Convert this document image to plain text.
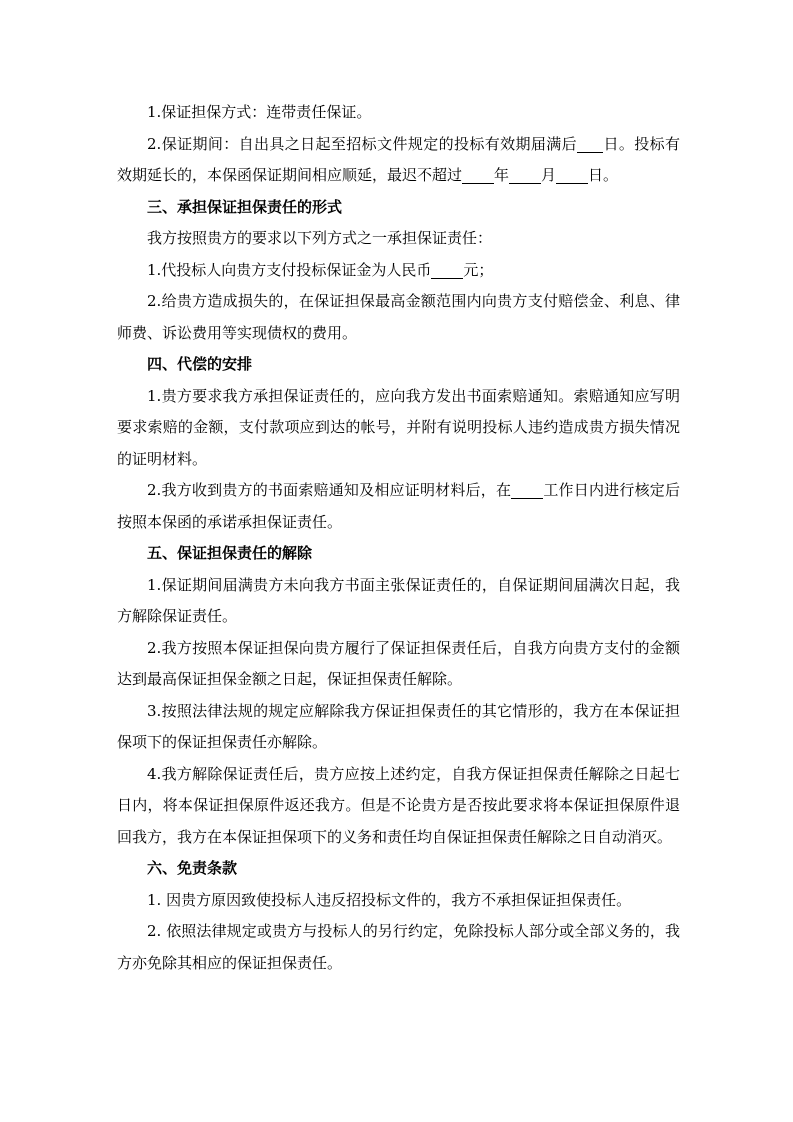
1.保证担保方式：连带责任保证。

2.保证期间：自出具之日起至招标文件规定的投标有效期届满后 日。投标有效期延长的，本保函保证期间相应顺延，最迟不超过 年 月 日。

三、承担保证担保责任的形式

我方按照贵方的要求以下列方式之一承担保证责任：

1.代投标人向贵方支付投标保证金为人民币 元；

2.给贵方造成损失的，在保证担保最高金额范围内向贵方支付赔偿金、利息、律师费、诉讼费用等实现债权的费用。

四、代偿的安排

1.贵方要求我方承担保证责任的，应向我方发出书面索赔通知。索赔通知应写明要求索赔的金额，支付款项应到达的帐号，并附有说明投标人违约造成贵方损失情况的证明材料。

2.我方收到贵方的书面索赔通知及相应证明材料后，在 工作日内进行核定后按照本保函的承诺承担保证责任。

五、保证担保责任的解除

1.保证期间届满贵方未向我方书面主张保证责任的，自保证期间届满次日起，我方解除保证责任。

2.我方按照本保证担保向贵方履行了保证担保责任后，自我方向贵方支付的金额达到最高保证担保金额之日起，保证担保责任解除。

3.按照法律法规的规定应解除我方保证担保责任的其它情形的，我方在本保证担保项下的保证担保责任亦解除。

4.我方解除保证责任后，贵方应按上述约定，自我方保证担保责任解除之日起七日内，将本保证担保原件返还我方。但是不论贵方是否按此要求将本保证担保原件退回我方，我方在本保证担保项下的义务和责任均自保证担保责任解除之日自动消灭。

六、免责条款

1. 因贵方原因致使投标人违反招投标文件的，我方不承担保证担保责任。

2. 依照法律规定或贵方与投标人的另行约定，免除投标人部分或全部义务的，我方亦免除其相应的保证担保责任。
